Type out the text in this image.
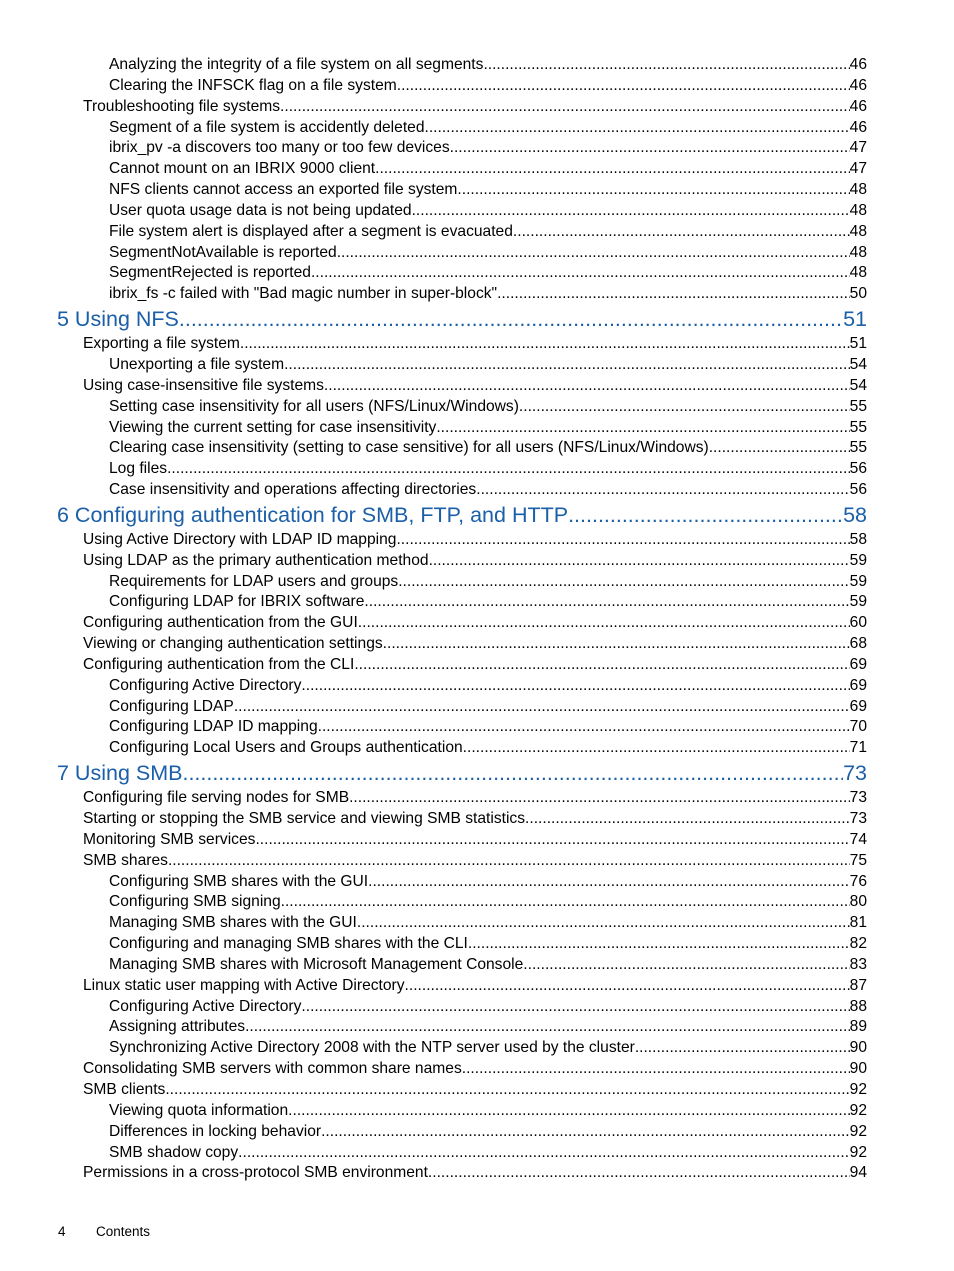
Analyzing the integrity of a file system on all segments .....	46
Clearing the INFSCK flag on a file system .....	46
Troubleshooting file systems .....	46
Segment of a file system is accidently deleted .....	46
ibrix_pv -a discovers too many or too few devices .....	47
Cannot mount on an IBRIX 9000 client .....	47
NFS clients cannot access an exported file system .....	48
User quota usage data is not being updated .....	48
File system alert is displayed after a segment is evacuated .....	48
SegmentNotAvailable is reported .....	48
SegmentRejected is reported .....	48
ibrix_fs -c failed with "Bad magic number in super-block" .....	50
5 Using NFS .....	51
Exporting a file system .....	51
Unexporting a file system .....	54
Using case-insensitive file systems .....	54
Setting case insensitivity for all users (NFS/Linux/Windows) .....	55
Viewing the current setting for case insensitivity .....	55
Clearing case insensitivity (setting to case sensitive) for all users (NFS/Linux/Windows) .....	55
Log files .....	56
Case insensitivity and operations affecting directories .....	56
6 Configuring authentication for SMB, FTP, and HTTP .....	58
Using Active Directory with LDAP ID mapping .....	58
Using LDAP as the primary authentication method .....	59
Requirements for LDAP users and groups .....	59
Configuring LDAP for IBRIX software .....	59
Configuring authentication from the GUI .....	60
Viewing or changing authentication settings .....	68
Configuring authentication from the CLI .....	69
Configuring Active Directory .....	69
Configuring LDAP .....	69
Configuring LDAP ID mapping .....	70
Configuring Local Users and Groups authentication .....	71
7 Using SMB .....	73
Configuring file serving nodes for SMB .....	73
Starting or stopping the SMB service and viewing SMB statistics .....	73
Monitoring SMB services .....	74
SMB shares .....	75
Configuring SMB shares with the GUI .....	76
Configuring SMB signing .....	80
Managing SMB shares with the GUI .....	81
Configuring and managing SMB shares with the CLI .....	82
Managing SMB shares with Microsoft Management Console .....	83
Linux static user mapping with Active Directory .....	87
Configuring Active Directory .....	88
Assigning attributes .....	89
Synchronizing Active Directory 2008 with the NTP server used by the cluster .....	90
Consolidating SMB servers with common share names .....	90
SMB clients .....	92
Viewing quota information .....	92
Differences in locking behavior .....	92
SMB shadow copy .....	92
Permissions in a cross-protocol SMB environment .....	94
4 Contents
